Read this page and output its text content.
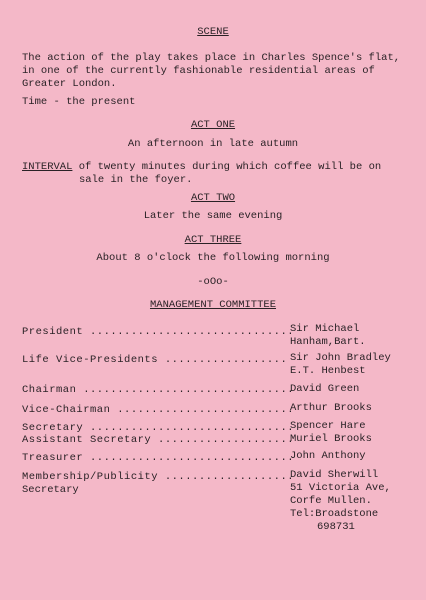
SCENE
The action of the play takes place in Charles Spence's flat,
in one of the currently fashionable residential areas of
Greater London.
Time - the present
ACT ONE
An afternoon in late autumn
INTERVAL of twenty minutes during which coffee will be on
sale in the foyer.
ACT TWO
Later the same evening
ACT THREE
About 8 o'clock the following morning
-oOo-
MANAGEMENT COMMITTEE
President ..............................
Sir Michael
Hanham,Bart.
Life Vice-Presidents .................. Sir John Bradley
E.T. Henbest
Chairman ...............................
David Green
Vice-Chairman ..........................
Arthur Brooks
Secretary ..............................
Spencer Hare
Assistant Secretary ....................
Muriel Brooks
Treasurer ..............................
John Anthony
Membership/Publicity ...................
Secretary
David Sherwill
51 Victoria Ave,
Corfe Mullen.
Tel:Broadstone
698731
